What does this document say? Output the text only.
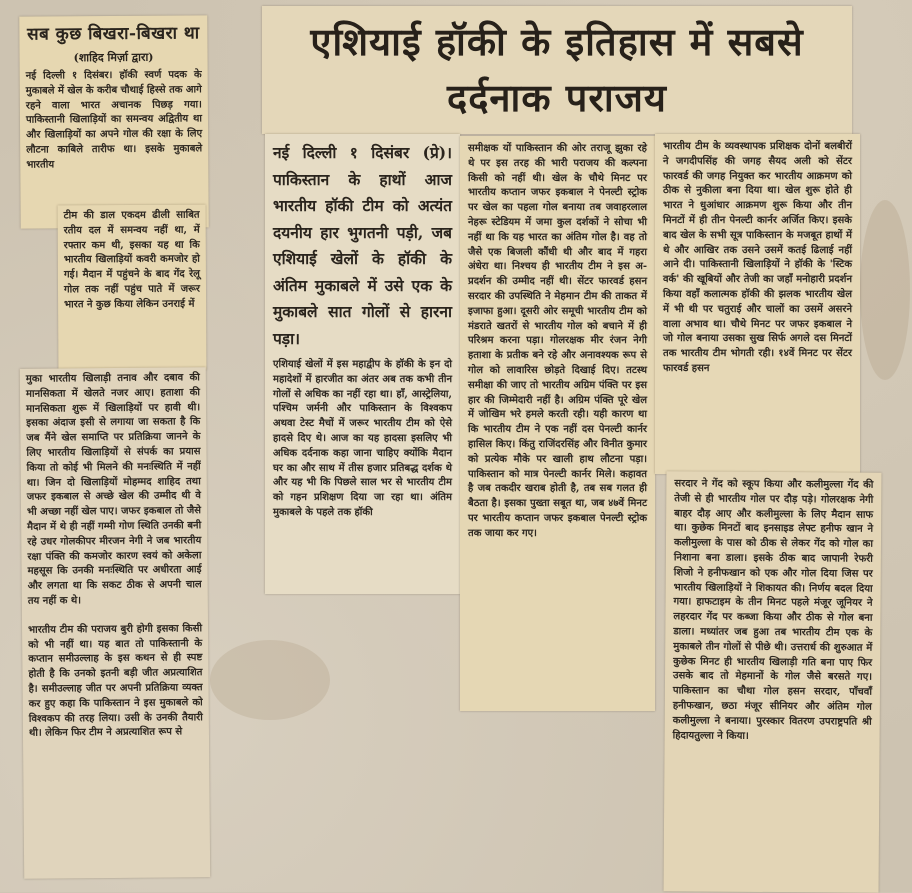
सब कुछ बिखरा-बिखरा था
(शाहिद मिर्ज़ा द्वारा)
नई दिल्ली १ दिसंबर। हॉकी स्वर्ण पदक के मुकाबले में खेल के करीब चौथाई हिस्से तक आगे रहने वाला भारत अचानक पिछड़ गया। पाकिस्तानी खिलाड़ियों का समन्वय अद्वितीय था और खिलाड़ियों का अपने गोल की रक्षा के लिए लौटना काबिले तारीफ था। इसके मुकाबले भारतीय
टीम की डाल एकदम ढीली साबित रतीय दल में समन्वय नहीं था, में रफ्तार कम थी, इसका यह था कि भारतीय खिलाड़ियों कवरी कमजोर हो गई। मैदान में पहुंचने के बाद गेंद रेलू गोल तक नहीं पहुंच पाते में जरूर भारत ने कुछ किया लेकिन उनराई में
मुका भारतीय खिलाड़ी तनाव और दबाव की मानसिकता में खेलते नजर आए। हताशा की मानसिकता शुरू में खिलाड़ियों पर हावी थी। इसका अंदाज इसी से लगाया जा सकता है कि जब मैंने खेल समाप्ति पर प्रतिक्रिया जानने के लिए भारतीय खिलाड़ियों से संपर्क का प्रयास किया तो कोई भी मिलने की मनःस्थिति में नहीं था। जिन दो खिलाड़ियों मोहम्मद शाहिद तथा जफर इकबाल से अच्छे खेल की उम्मीद थी वे भी अच्छा नहीं खेल पाए। जफर इकबाल तो जैसे मैदान में थे ही नहीं गम्मी गोण स्थिति उनकी बनी रहे उधर गोलकीपर मीरजन नेगी ने जब भारतीय रक्षा पंक्ति की कमजोर कारण स्वयं को अकेला महसूस कि उनकी मनःस्थिति पर अधीरता आई और लगता था कि सकट ठीक से अपनी चाल तय नहीं क थे।
भारतीय टीम की पराजय बुरी होगी इसका किसी को भी नहीं था। यह बात तो पाकिस्तानी के कप्तान समीउल्लाह के इस कथन से ही स्पष्ट होती है कि उनको इतनी बड़ी जीत अप्रत्याशित है। समीउल्लाह जीत पर अपनी प्रतिक्रिया व्यक्त कर हुए कहा कि पाकिस्तान ने इस मुकाबले को विश्वकप की तरह लिया। उसी के उनकी तैयारी थी। लेकिन फिर टीम ने अप्रत्याशित रूप से
एशियाई हॉकी के इतिहास में सबसे दर्दनाक पराजय
नई दिल्ली १ दिसंबर (प्रे)। पाकिस्तान के हाथों आज भारतीय हॉकी टीम को अत्यंत दयनीय हार भुगतनी पड़ी, जब एशियाई खेलों के हॉकी के अंतिम मुकाबले में उसे एक के मुकाबले सात गोलों से हारना पड़ा।
एशियाई खेलों में इस महाद्वीप के हॉकी के इन दो महादेशों में हारजीत का अंतर अब तक कभी तीन गोलों से अधिक का नहीं रहा था। हाँ, आस्ट्रेलिया, पश्चिम जर्मनी और पाकिस्तान के विश्वकप अथवा टेस्ट मैचों में जरूर भारतीय टीम को ऐसे हादसे दिए थे। आज का यह हादसा इसलिए भी अधिक दर्दनाक कहा जाना चाहिए क्योंकि मैदान घर का और साथ में तीस हजार प्रतिबद्ध दर्शक थे और यह भी कि पिछले साल भर से भारतीय टीम को गहन प्रशिक्षण दिया जा रहा था। अंतिम मुकाबले के पहले तक हॉकी
समीक्षक यों पाकिस्तान की ओर तराजू झुका रहे थे पर इस तरह की भारी पराजय की कल्पना किसी को नहीं थी। खेल के चौथे मिनट पर भारतीय कप्तान जफर इकबाल ने पेनल्टी स्ट्रोक पर खेल का पहला गोल बनाया तब जवाहरलाल नेहरू स्टेडियम में जमा कुल दर्शकों ने सोचा भी नहीं था कि यह भारत का अंतिम गोल है। वह तो जैसे एक बिजली कौंधी थी और बाद में गहरा अंधेरा था। निश्चय ही भारतीय टीम ने इस अ-प्रदर्शन की उम्मीद नहीं थी। सेंटर फारवर्ड हसन सरदार की उपस्थिति ने मेहमान टीम की ताकत में इजाफा हुआ। दूसरी ओर समूची भारतीय टीम को मंडराते खतरों से भारतीय गोल को बचाने में ही परिश्रम करना पड़ा। गोलरक्षक मीर रंजन नेगी हताशा के प्रतीक बने रहे और अनावश्यक रूप से गोल को लावारिस छोड़ते दिखाई दिए। तटस्थ समीक्षा की जाए तो भारतीय अग्रिम पंक्ति पर इस हार की जिम्मेदारी नहीं है। अग्रिम पंक्ति पूरे खेल में जोखिम भरे हमले करती रही। यही कारण था कि भारतीय टीम ने एक नहीं दस पेनल्टी कार्नर हासिल किए। किंतु राजिंदरसिंह और विनीत कुमार को प्रत्येक मौके पर खाली हाथ लौटना पड़ा। पाकिस्तान को मात्र पेनल्टी कार्नर मिले। कहावत है जब तकदीर खराब होती है, तब सब गलत ही बैठता है। इसका पुख्ता सबूत था, जब ४७वें मिनट पर भारतीय कप्तान जफर इकबाल पेनल्टी स्ट्रोक तक जाया कर गए।
भारतीय टीम के व्यवस्थापक प्रशिक्षक दोनों बलबीरों ने जगदीपसिंह की जगह सैयद अली को सेंटर फारवर्ड की जगह नियुक्त कर भारतीय आक्रमण को ठीक से नुकीला बना दिया था। खेल शुरू होते ही भारत ने धुआंधार आक्रमण शुरू किया और तीन मिनटों में ही तीन पेनल्टी कार्नर अर्जित किए। इसके बाद खेल के सभी सूत्र पाकिस्तान के मजबूत हाथों में थे और आखिर तक उसने उसमें कतई ढिलाई नहीं आने दी। पाकिस्तानी खिलाड़ियों ने हॉकी के 'स्टिक वर्क' की खूबियों और तेजी का जहाँ मनोहारी प्रदर्शन किया वहाँ कलात्मक हॉकी की झलक भारतीय खेल में भी थी पर चतुराई और चालों का उसमें असरने वाला अभाव था। चौथे मिनट पर जफर इकबाल ने जो गोल बनाया उसका सुख सिर्फ अगले दस मिनटों तक भारतीय टीम भोगती रही। १४वें मिनट पर सेंटर फारवर्ड हसन
सरदार ने गेंद को स्कूप किया और कलीमुल्ला गेंद की तेजी से ही भारतीय गोल पर दौड़ पड़े। गोलरक्षक नेगी बाहर दौड़ आए और कलीमुल्ला के लिए मैदान साफ था। कुछेक मिनटों बाद इनसाइड लेफ्ट हनीफ खान ने कलीमुल्ला के पास को ठीक से लेकर गेंद को गोल का निशाना बना डाला। इसके ठीक बाद जापानी रेफरी शिजो ने हनीफखान को एक और गोल दिया जिस पर भारतीय खिलाड़ियों ने शिकायत की। निर्णय बदल दिया गया। हाफटाइम के तीन मिनट पहले मंजूर जूनियर ने लहरदार गेंद पर कब्जा किया और ठीक से गोल बना डाला। मध्यांतर जब हुआ तब भारतीय टीम एक के मुकाबले तीन गोलों से पीछे थी। उत्तरार्ध की शुरुआत में कुछेक मिनट ही भारतीय खिलाड़ी गति बना पाए फिर उसके बाद तो मेहमानों के गोल जैसे बरसते गए। पाकिस्तान का चौथा गोल हसन सरदार, पाँचवाँ हनीफखान, छठा मंजूर सीनियर और अंतिम गोल कलीमुल्ला ने बनाया। पुरस्कार वितरण उपराष्ट्रपति श्री हिदायतुल्ला ने किया।
